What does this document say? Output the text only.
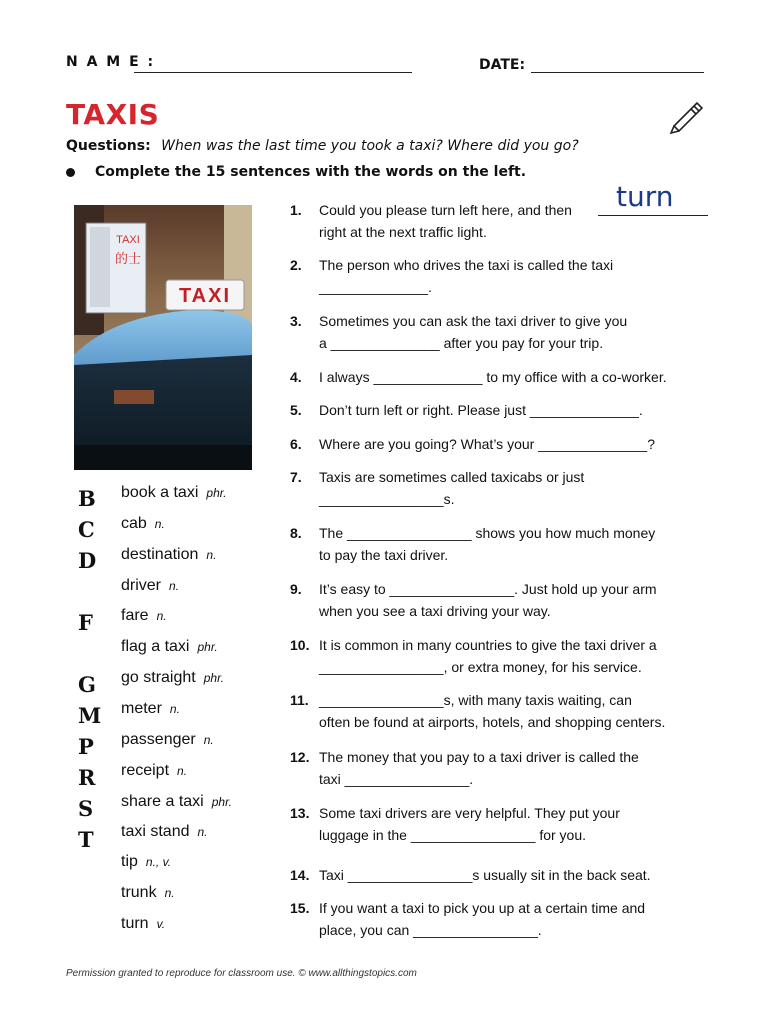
N A M E :	DATE:
TAXIS
Questions: When was the last time you took a taxi? Where did you go?
Complete the 15 sentences with the words on the left.
TAXI
的士
TAXI
B
C
D
F
G
M
P
R
S
T
book a taxi phr.
cab n.
destination n.
driver n.
fare n.
flag a taxi phr.
go straight phr.
meter n.
passenger n.
receipt n.
share a taxi phr.
taxi stand n.
tip n., v.
trunk n.
turn v.
turn
1.	Could you please turn left here, and then
right at the next traffic light.
2.	The person who drives the taxi is called the taxi
______________.
3.	Sometimes you can ask the taxi driver to give you
a ______________ after you pay for your trip.
4.	I always ______________ to my office with a co-worker.
5.	Don’t turn left or right. Please just ______________.
6.	Where are you going? What’s your ______________?
7.	Taxis are sometimes called taxicabs or just
________________s.
8.	The ________________ shows you how much money
to pay the taxi driver.
9.	It’s easy to ________________. Just hold up your arm
when you see a taxi driving your way.
10. It is common in many countries to give the taxi driver a
________________, or extra money, for his service.
11. ________________s, with many taxis waiting, can
often be found at airports, hotels, and shopping centers.
12. The money that you pay to a taxi driver is called the
taxi ________________.
13. Some taxi drivers are very helpful. They put your
luggage in the ________________ for you.
14. Taxi ________________s usually sit in the back seat.
15. If you want a taxi to pick you up at a certain time and
place, you can ________________.
Permission granted to reproduce for classroom use. © www.allthingstopics.com
